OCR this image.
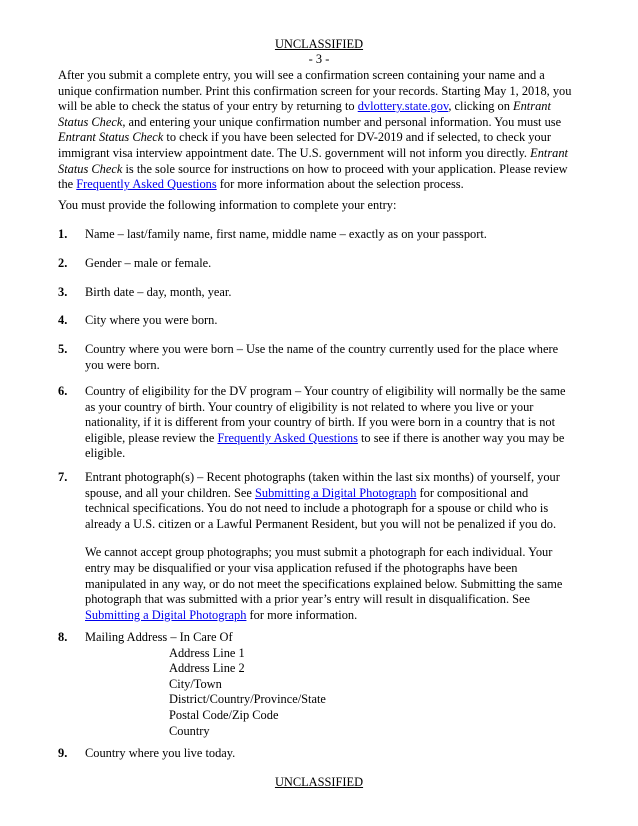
UNCLASSIFIED
- 3 -
After you submit a complete entry, you will see a confirmation screen containing your name and a
unique confirmation number. Print this confirmation screen for your records. Starting May 1, 2018, you
will be able to check the status of your entry by returning to dvlottery.state.gov, clicking on Entrant
Status Check, and entering your unique confirmation number and personal information. You must use
Entrant Status Check to check if you have been selected for DV-2019 and if selected, to check your
immigrant visa interview appointment date. The U.S. government will not inform you directly. Entrant
Status Check is the sole source for instructions on how to proceed with your application. Please review
the Frequently Asked Questions for more information about the selection process.

You must provide the following information to complete your entry:

1. Name – last/family name, first name, middle name – exactly as on your passport.
2. Gender – male or female.
3. Birth date – day, month, year.
4. City where you were born.
5. Country where you were born – Use the name of the country currently used for the place where
you were born.
6. Country of eligibility for the DV program – Your country of eligibility will normally be the same
as your country of birth. Your country of eligibility is not related to where you live or your
nationality, if it is different from your country of birth. If you were born in a country that is not
eligible, please review the Frequently Asked Questions to see if there is another way you may be
eligible.
7. Entrant photograph(s) – Recent photographs (taken within the last six months) of yourself, your
spouse, and all your children. See Submitting a Digital Photograph for compositional and
technical specifications. You do not need to include a photograph for a spouse or child who is
already a U.S. citizen or a Lawful Permanent Resident, but you will not be penalized if you do.
We cannot accept group photographs; you must submit a photograph for each individual. Your
entry may be disqualified or your visa application refused if the photographs have been
manipulated in any way, or do not meet the specifications explained below. Submitting the same
photograph that was submitted with a prior year’s entry will result in disqualification. See
Submitting a Digital Photograph for more information.
8. Mailing Address – In Care Of
Address Line 1
Address Line 2
City/Town
District/Country/Province/State
Postal Code/Zip Code
Country
9. Country where you live today.
UNCLASSIFIED
